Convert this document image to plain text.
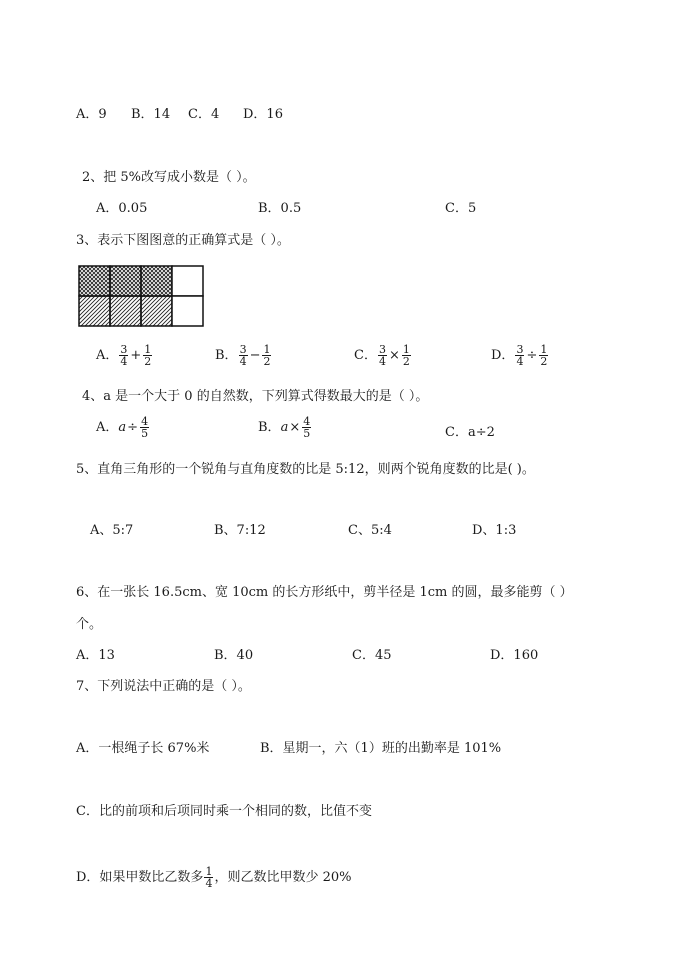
A．9 B．14 C．4 D．16
2、把 5%改写成小数是（ ）。
A．0.05	B．0.5	C．5
3、表示下图图意的正确算式是（ ）。
A． $\frac{3}{4} + \frac{1}{2}$	B． $\frac{3}{4} - \frac{1}{2}$	C． $\frac{3}{4} \times \frac{1}{2}$	D． $\frac{3}{4} \div \frac{1}{2}$
4、a 是一个大于 0 的自然数，下列算式得数最大的是（ ）。
A．$a\div \frac{4}{5}$	B．$a\times \frac{4}{5}$	C．a÷2
5、直角三角形的一个锐角与直角度数的比是 5:12，则两个锐角度数的比是( )。
A、5:7	B、7:12	C、5:4	D、1:3
6、在一张长 16.5cm、宽 10cm 的长方形纸中，剪半径是 1cm 的圆，最多能剪（ ）
个。
A．13	B．40	C．45	D．160
7、下列说法中正确的是（ ）。
A．一根绳子长 67%米	B．星期一，六（1）班的出勤率是 101%
C．比的前项和后项同时乘一个相同的数，比值不变
D．如果甲数比乙数多 $\frac{1}{4}$ ，则乙数比甲数少 20%
